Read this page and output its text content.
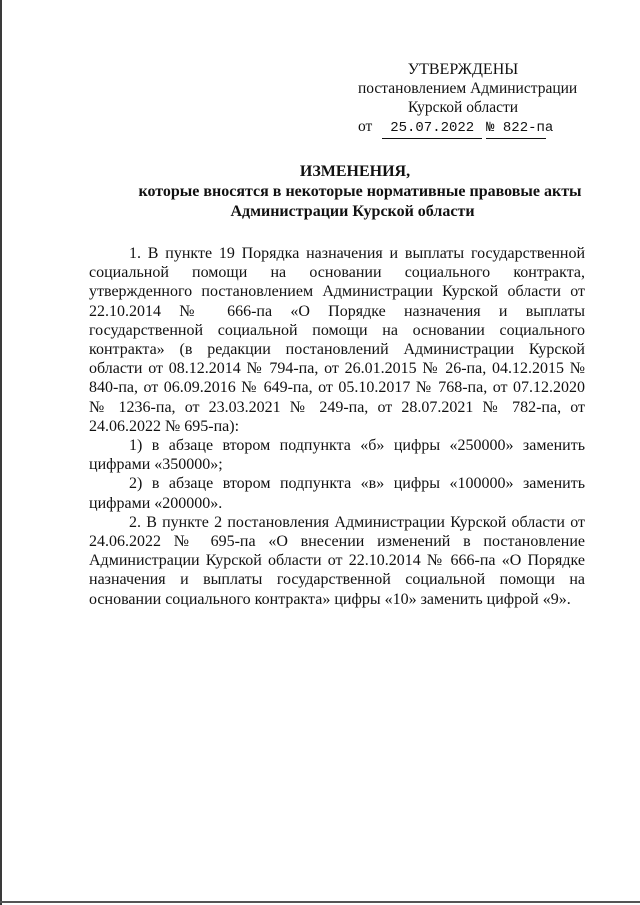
УТВЕРЖДЕНЫ
постановлением Администрации
Курской области
от 25.07.2022 № 822-па
ИЗМЕНЕНИЯ,
которые вносятся в некоторые нормативные правовые акты
Администрации Курской области

1. В пункте 19 Порядка назначения и выплаты государственной социальной помощи на основании социального контракта, утвержденного постановлением Администрации Курской области от 22.10.2014 № 666-па «О Порядке назначения и выплаты государственной социальной помощи на основании социального контракта» (в редакции постановлений Администрации Курской области от 08.12.2014 № 794-па, от 26.01.2015 № 26-па, 04.12.2015 № 840-па, от 06.09.2016 № 649-па, от 05.10.2017 № 768-па, от 07.12.2020 № 1236-па, от 23.03.2021 № 249-па, от 28.07.2021 № 782-па, от 24.06.2022 № 695-па):

1) в абзаце втором подпункта «б» цифры «250000» заменить цифрами «350000»;

2) в абзаце втором подпункта «в» цифры «100000» заменить цифрами «200000».

2. В пункте 2 постановления Администрации Курской области от 24.06.2022 № 695-па «О внесении изменений в постановление Администрации Курской области от 22.10.2014 № 666-па «О Порядке назначения и выплаты государственной социальной помощи на основании социального контракта» цифры «10» заменить цифрой «9».
